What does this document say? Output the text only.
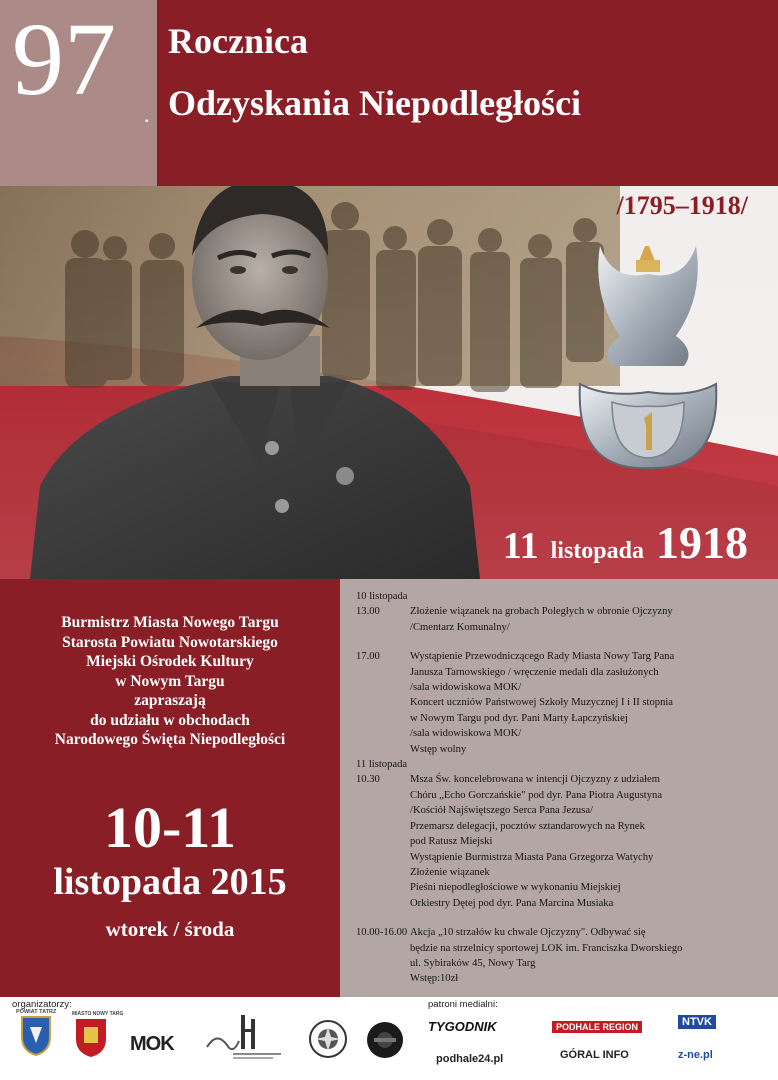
97 .
Rocznica
Odzyskania Niepodległości
123 lata niewoli
/1795–1918/
11 listopada 1918
Burmistrz Miasta Nowego Targu
Starosta Powiatu Nowotarskiego
Miejski Ośrodek Kultury
w Nowym Targu
zapraszają
do udziału w obchodach
Narodowego Święta Niepodległości
10-11
listopada 2015
wtorek / środa
10 listopada
13.00	Złożenie wiązanek na grobach Poległych w obronie Ojczyzny
/Cmentarz Komunalny/
17.00	Wystąpienie Przewodniczącego Rady Miasta Nowy Targ Pana
Janusza Tarnowskiego / wręczenie medali dla zasłużonych
/sala widowiskowa MOK/
Koncert uczniów Państwowej Szkoły Muzycznej I i II stopnia
w Nowym Targu pod dyr. Pani Marty Łapczyńskiej
/sala widowiskowa MOK/
Wstęp wolny
11 listopada
10.30	Msza Św. koncelebrowana w intencji Ojczyzny z udziałem
Chóru „Echo Gorczańskie" pod dyr. Pana Piotra Augustyna
/Kościół Najświętszego Serca Pana Jezusa/
Przemarsz delegacji, pocztów sztandarowych na Rynek
pod Ratusz Miejski
Wystąpienie Burmistrza Miasta Pana Grzegorza Watychy
Złożenie wiązanek
Pieśni niepodległościowe w wykonaniu Miejskiej
Orkiestry Dętej pod dyr. Pana Marcina Musiaka
10.00-16.00 Akcja „10 strzałów ku chwale Ojczyzny". Odbywać się
będzie na strzelnicy sportowej LOK im. Franciszka Dworskiego
ul. Sybiraków 45, Nowy Targ
Wstęp:10zł
organizatorzy:	patroni medialni:
POWIAT TATRZ	MIASTO NOWY TARG
MOK
TYGODNIK	PODHALE REGION	NTVK
podhale24.pl	GÓRAL INFO	z-ne.pl
